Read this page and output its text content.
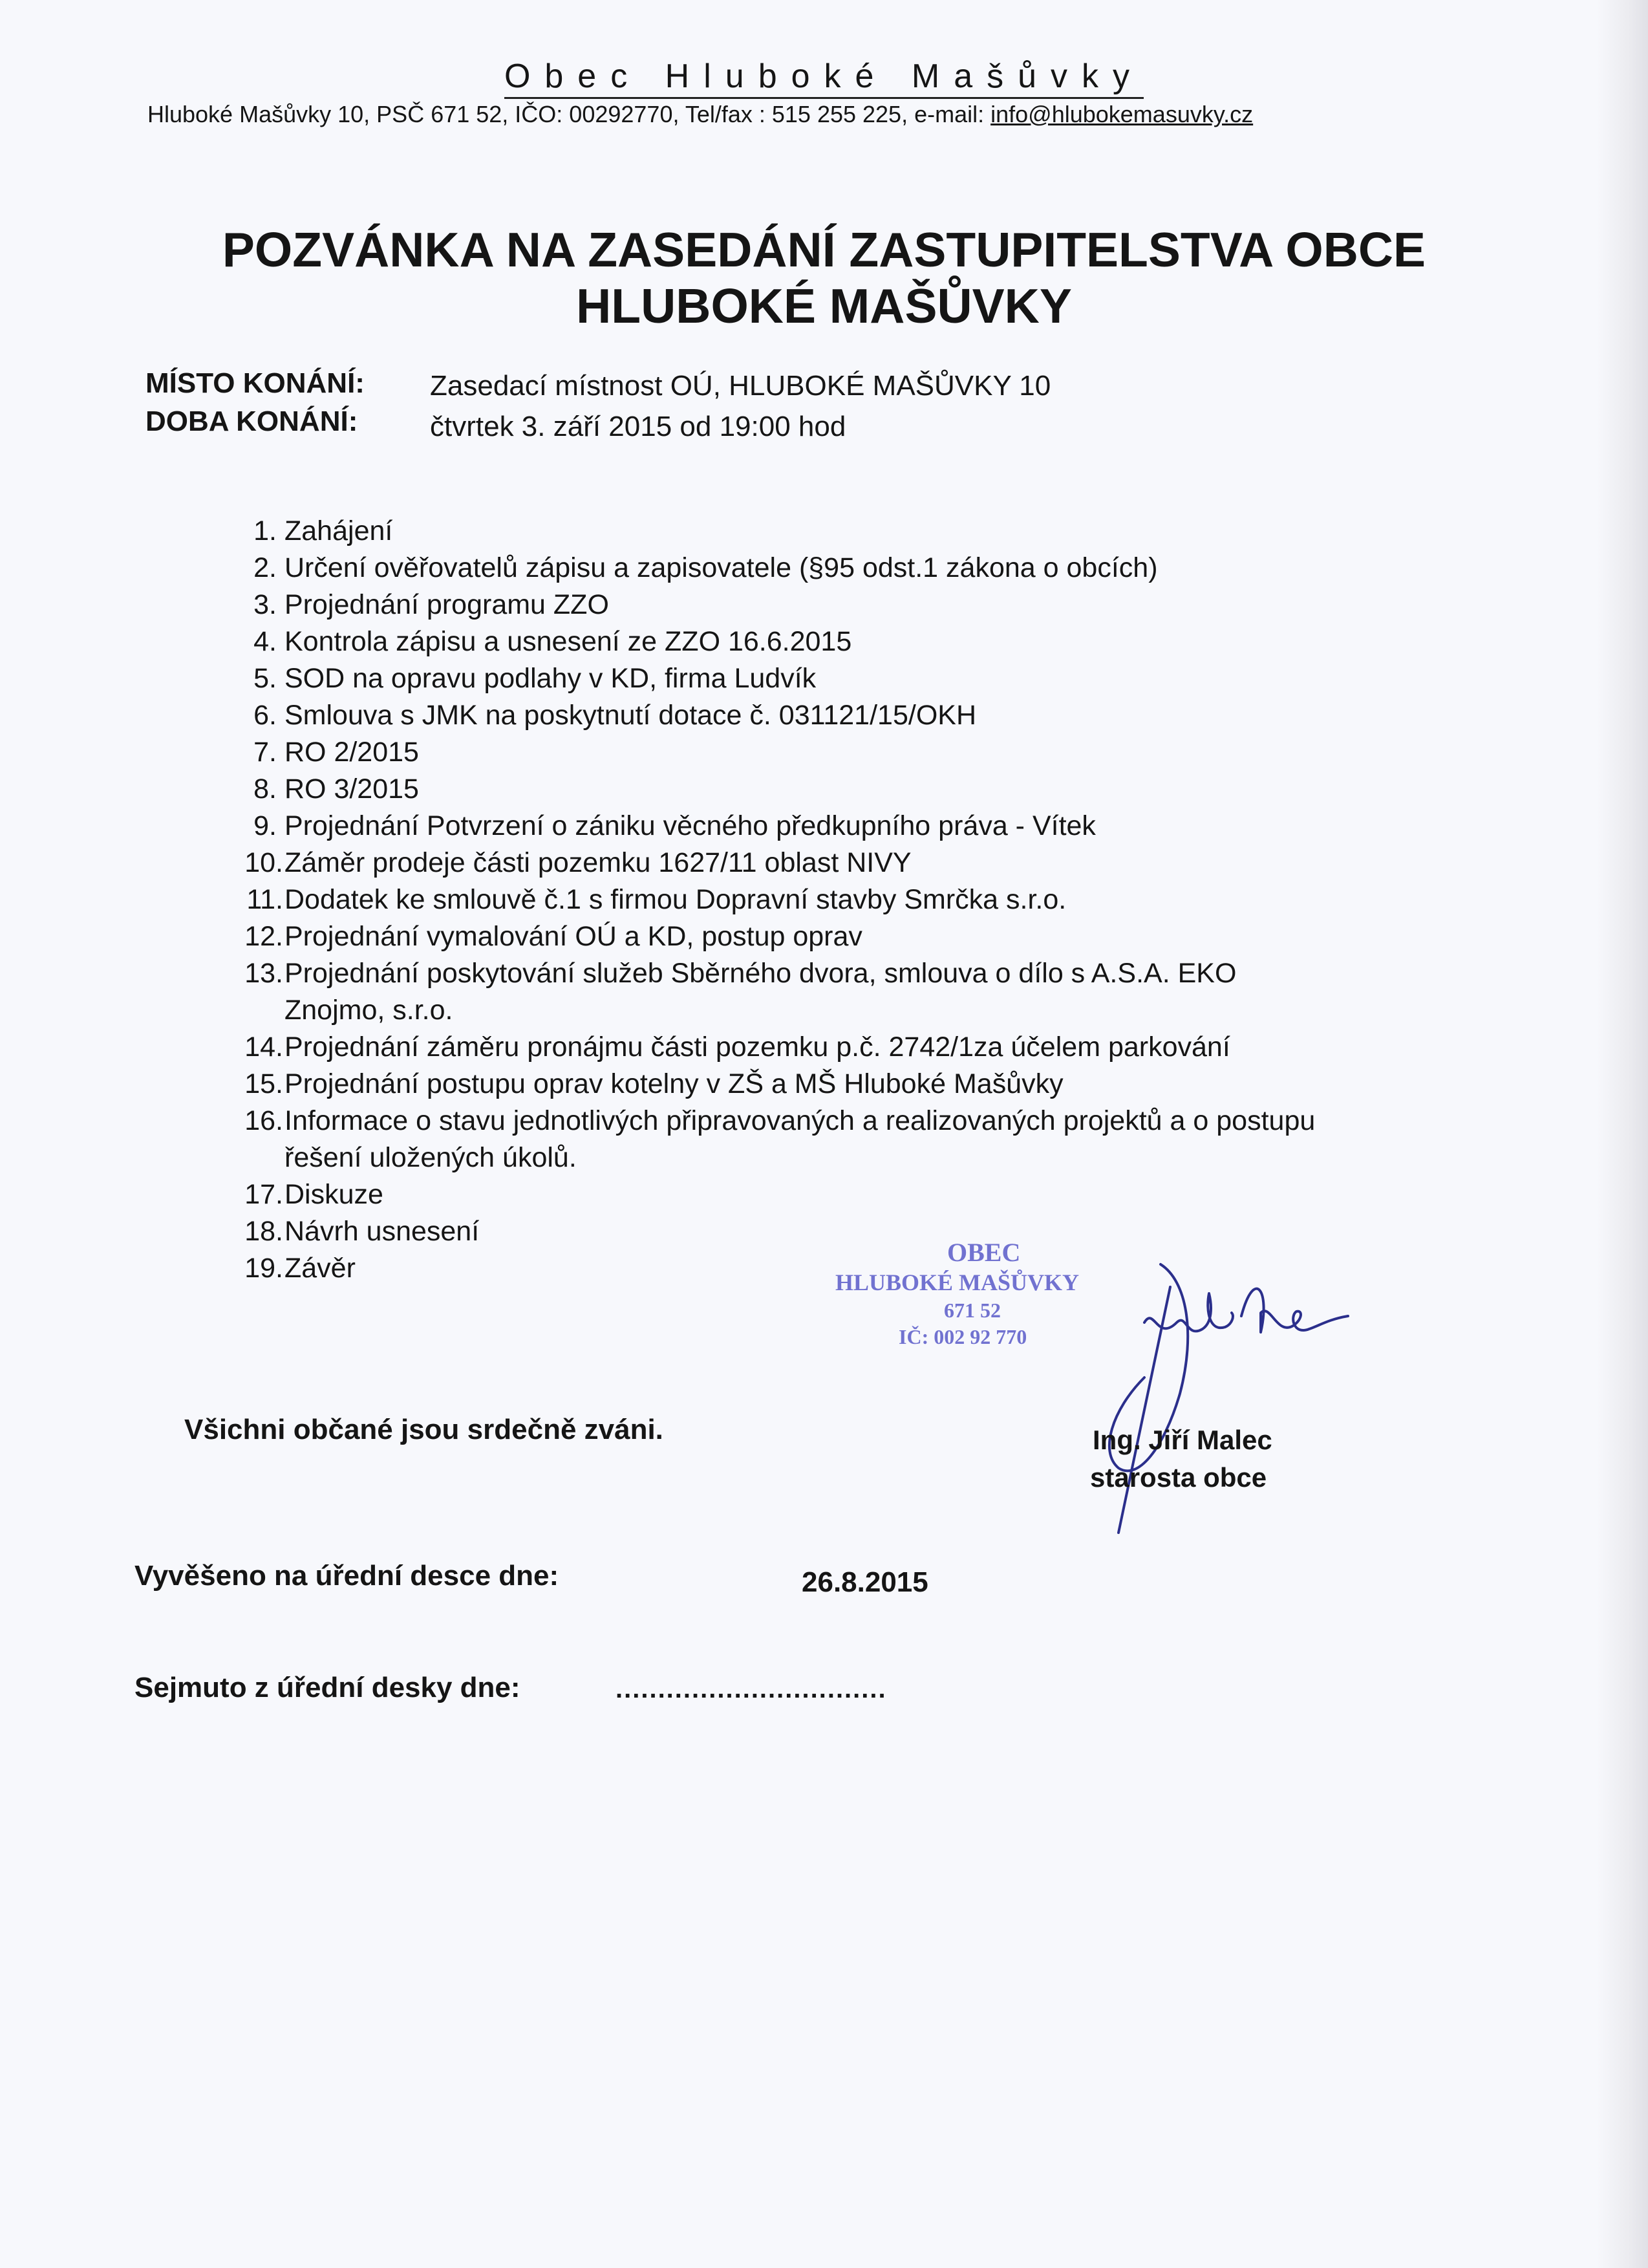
Obec Hluboké Mašůvky
Hluboké Mašůvky 10, PSČ 671 52, IČO: 00292770, Tel/fax : 515 255 225, e-mail: info@hlubokemasuvky.cz
POZVÁNKA NA ZASEDÁNÍ ZASTUPITELSTVA OBCE
HLUBOKÉ MAŠŮVKY
MÍSTO KONÁNÍ: Zasedací místnost OÚ, HLUBOKÉ MAŠŮVKY 10
DOBA KONÁNÍ:	čtvrtek 3. září 2015 od 19:00 hod
1. Zahájení
2. Určení ověřovatelů zápisu a zapisovatele (§95 odst.1 zákona o obcích)
3. Projednání programu ZZO
4. Kontrola zápisu a usnesení ze ZZO 16.6.2015
5. SOD na opravu podlahy v KD, firma Ludvík
6. Smlouva s JMK na poskytnutí dotace č. 031121/15/OKH
7. RO 2/2015
8. RO 3/2015
9. Projednání Potvrzení o zániku věcného předkupního práva - Vítek
10. Záměr prodeje části pozemku 1627/11 oblast NIVY
11. Dodatek ke smlouvě č.1 s firmou Dopravní stavby Smrčka s.r.o.
12. Projednání vymalování OÚ a KD, postup oprav
13. Projednání poskytování služeb Sběrného dvora, smlouva o dílo s A.S.A. EKO
Znojmo, s.r.o.
14. Projednání záměru pronájmu části pozemku p.č. 2742/1za účelem parkování
15. Projednání postupu oprav kotelny v ZŠ a MŠ Hluboké Mašůvky
16. Informace o stavu jednotlivých připravovaných a realizovaných projektů a o postupu
řešení uložených úkolů.
17. Diskuze
18. Návrh usnesení
19. Závěr
OBEC
HLUBOKÉ MAŠŮVKY
671 52
IČ: 002 92 770
Všichni občané jsou srdečně zváni.	Ing. Jiří Malec
starosta obce
Vyvěšeno na úřední desce dne:	26.8.2015
Sejmuto z úřední desky dne:	................................
